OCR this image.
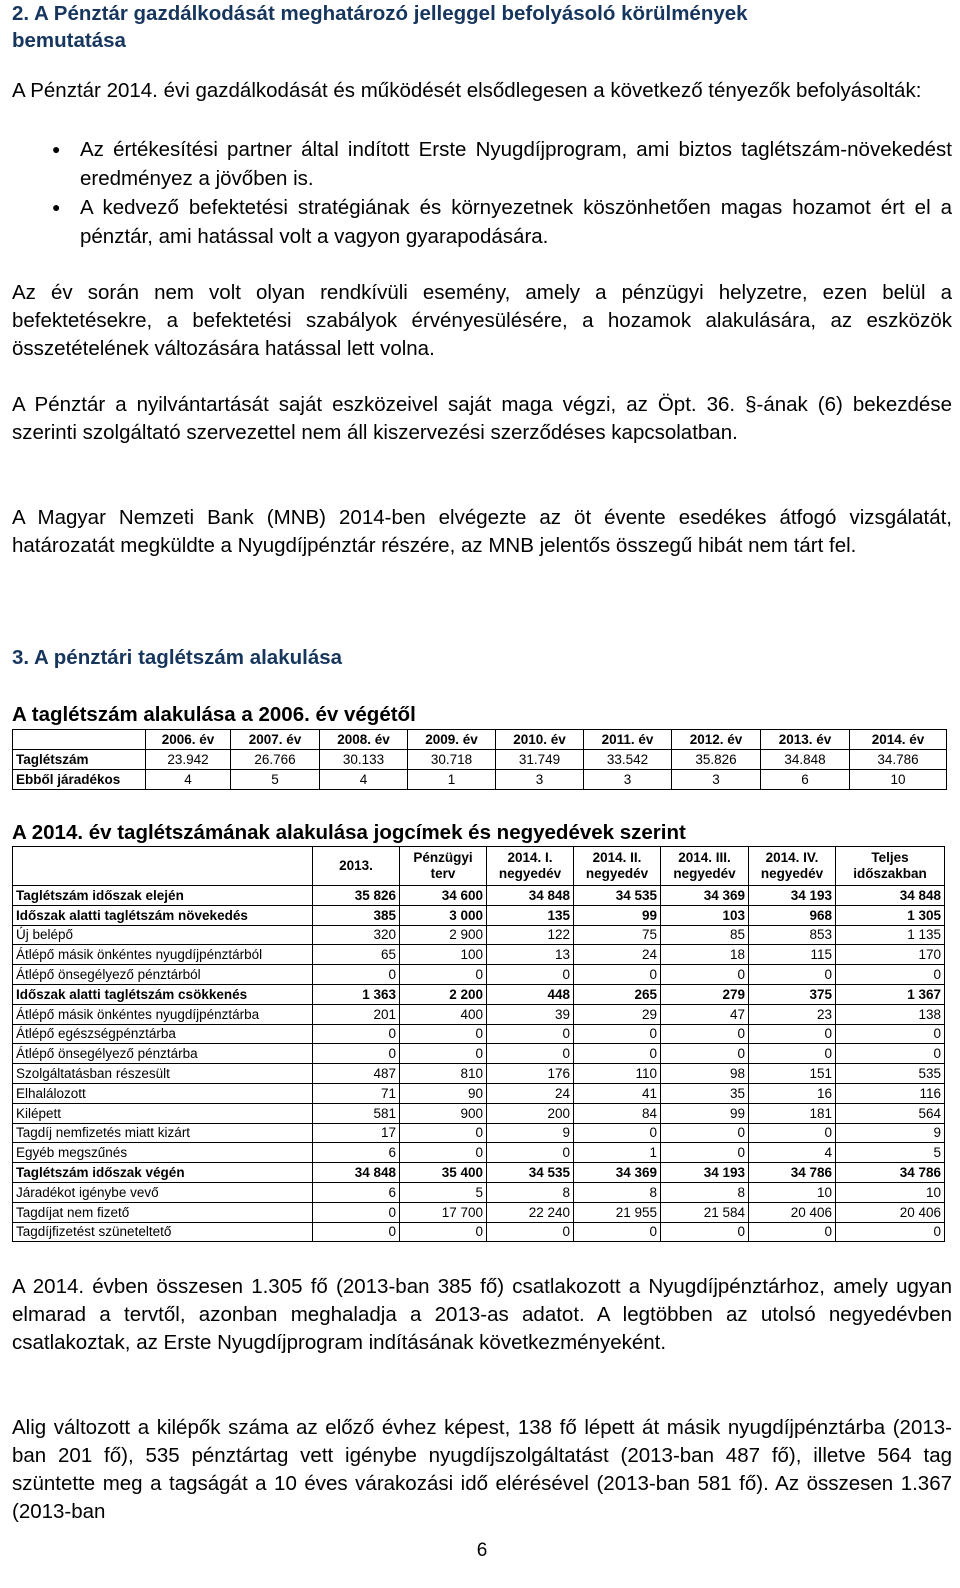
2. A Pénztár gazdálkodását meghatározó jelleggel befolyásoló körülmények

bemutatása

A Pénztár 2014. évi gazdálkodását és működését elsődlegesen a következő tényezők befolyásolták:

● Az értékesítési partner által indított Erste Nyugdíjprogram, ami biztos taglétszám-növekedést eredményez a jövőben is.
● A kedvező befektetési stratégiának és környezetnek köszönhetően magas hozamot ért el a pénztár, ami hatással volt a vagyon gyarapodására.

Az év során nem volt olyan rendkívüli esemény, amely a pénzügyi helyzetre, ezen belül a befektetésekre, a befektetési szabályok érvényesülésére, a hozamok alakulására, az eszközök összetételének változására hatással lett volna.

A Pénztár a nyilvántartását saját eszközeivel saját maga végzi, az Öpt. 36. §-ának (6) bekezdése szerinti szolgáltató szervezettel nem áll kiszervezési szerződéses kapcsolatban.

A Magyar Nemzeti Bank (MNB) 2014-ben elvégezte az öt évente esedékes átfogó vizsgálatát, határozatát megküldte a Nyugdíjpénztár részére, az MNB jelentős összegű hibát nem tárt fel.

3. A pénztári taglétszám alakulása

A taglétszám alakulása a 2006. év végétől

	2006. év	2007. év	2008. év	2009. év	2010. év	2011. év	2012. év	2013. év	2014. év
Taglétszám	23.942	26.766	30.133	30.718	31.749	33.542	35.826	34.848	34.786
Ebből járadékos	4	5	4	1	3	3	3	6	10

A 2014. év taglétszámának alakulása jogcímek és negyedévek szerint

	2013.	Pénzügyi terv	2014. I. negyedév	2014. II. negyedév	2014. III. negyedév	2014. IV. negyedév	Teljes időszakban
Taglétszám időszak elején	35 826	34 600	34 848	34 535	34 369	34 193	34 848
Időszak alatti taglétszám növekedés	385	3 000	135	99	103	968	1 305
Új belépő	320	2 900	122	75	85	853	1 135
Átlépő másik önkéntes nyugdíjpénztárból	65	100	13	24	18	115	170
Átlépő önsegélyező pénztárból	0	0	0	0	0	0	0
Időszak alatti taglétszám csökkenés	1 363	2 200	448	265	279	375	1 367
Átlépő másik önkéntes nyugdíjpénztárba	201	400	39	29	47	23	138
Átlépő egészségpénztárba	0	0	0	0	0	0	0
Átlépő önsegélyező pénztárba	0	0	0	0	0	0	0
Szolgáltatásban részesült	487	810	176	110	98	151	535
Elhalálozott	71	90	24	41	35	16	116
Kilépett	581	900	200	84	99	181	564
Tagdíj nemfizetés miatt kizárt	17	0	9	0	0	0	9
Egyéb megszűnés	6	0	0	1	0	4	5
Taglétszám időszak végén	34 848	35 400	34 535	34 369	34 193	34 786	34 786
Járadékot igénybe vevő	6	5	8	8	8	10	10
Tagdíjat nem fizető	0	17 700	22 240	21 955	21 584	20 406	20 406
Tagdíjfizetést szüneteltető	0	0	0	0	0	0	0

A 2014. évben összesen 1.305 fő (2013-ban 385 fő) csatlakozott a Nyugdíjpénztárhoz, amely ugyan elmarad a tervtől, azonban meghaladja a 2013-as adatot. A legtöbben az utolsó negyedévben csatlakoztak, az Erste Nyugdíjprogram indításának következményeként.

Alig változott a kilépők száma az előző évhez képest, 138 fő lépett át másik nyugdíjpénztárba (2013-ban 201 fő), 535 pénztártag vett igénybe nyugdíjszolgáltatást (2013-ban 487 fő), illetve 564 tag szüntette meg a tagságát a 10 éves várakozási idő elérésével (2013-ban 581 fő). Az összesen 1.367 (2013-ban

6
